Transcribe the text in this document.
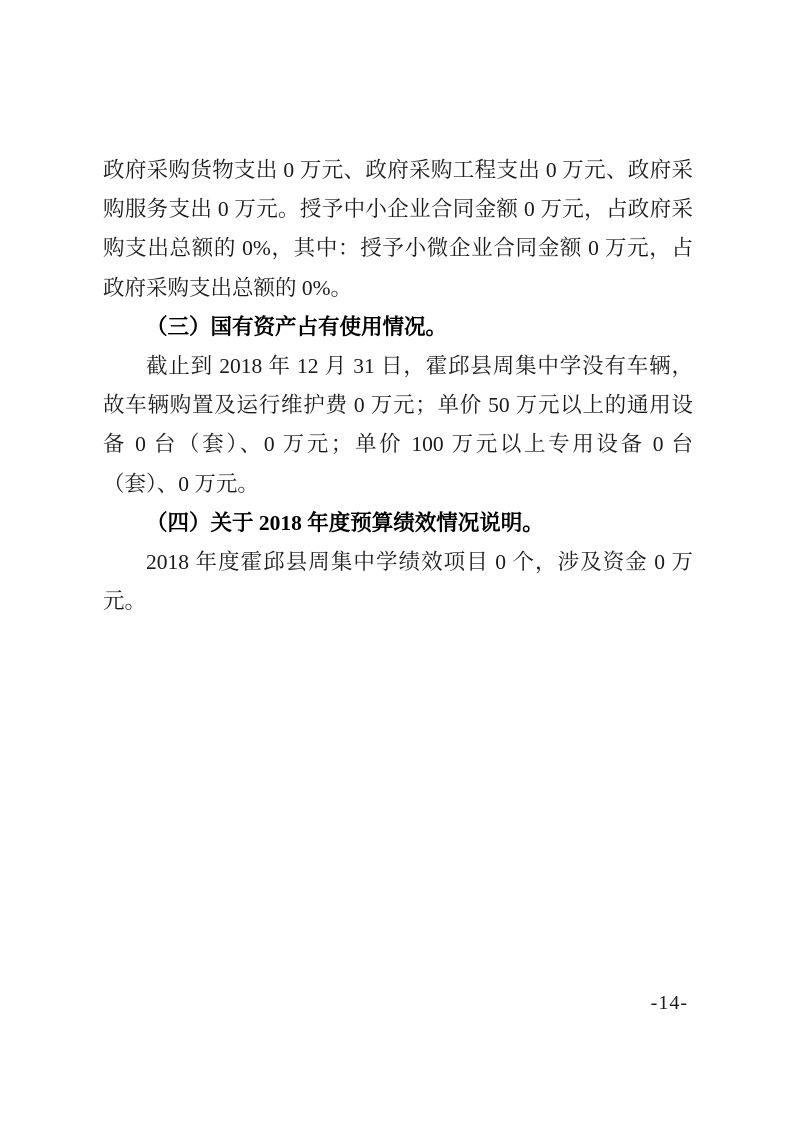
政府采购货物支出 0 万元、政府采购工程支出 0 万元、政府采购服务支出 0 万元。授予中小企业合同金额 0 万元，占政府采购支出总额的 0%，其中：授予小微企业合同金额 0 万元，占政府采购支出总额的 0%。

（三）国有资产占有使用情况。

截止到 2018 年 12 月 31 日，霍邱县周集中学没有车辆，故车辆购置及运行维护费 0 万元；单价 50 万元以上的通用设备 0 台（套）、0 万元；单价 100 万元以上专用设备 0 台（套）、0 万元。

（四）关于 2018 年度预算绩效情况说明。

2018 年度霍邱县周集中学绩效项目 0 个，涉及资金 0 万元。

-14-
